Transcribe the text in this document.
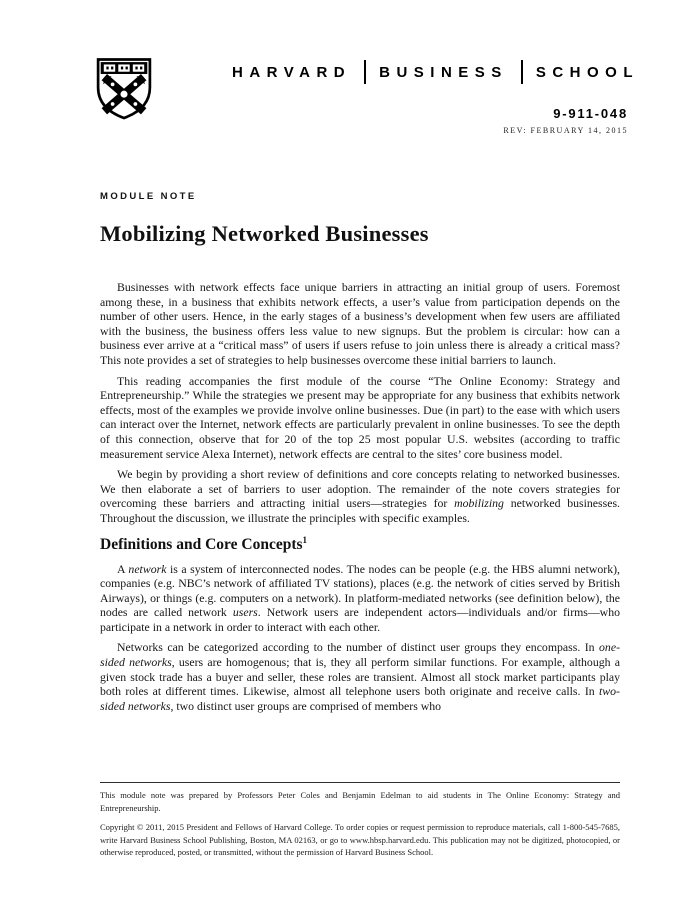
HARVARD BUSINESS SCHOOL
9-911-048
REV: FEBRUARY 14, 2015
MODULE NOTE
Mobilizing Networked Businesses

Businesses with network effects face unique barriers in attracting an initial group of users. Foremost among these, in a business that exhibits network effects, a user’s value from participation depends on the number of other users. Hence, in the early stages of a business’s development when few users are affiliated with the business, the business offers less value to new signups. But the problem is circular: how can a business ever arrive at a “critical mass” of users if users refuse to join unless there is already a critical mass? This note provides a set of strategies to help businesses overcome these initial barriers to launch.

This reading accompanies the first module of the course “The Online Economy: Strategy and Entrepreneurship.” While the strategies we present may be appropriate for any business that exhibits network effects, most of the examples we provide involve online businesses. Due (in part) to the ease with which users can interact over the Internet, network effects are particularly prevalent in online businesses. To see the depth of this connection, observe that for 20 of the top 25 most popular U.S. websites (according to traffic measurement service Alexa Internet), network effects are central to the sites’ core business model.

We begin by providing a short review of definitions and core concepts relating to networked businesses. We then elaborate a set of barriers to user adoption. The remainder of the note covers strategies for overcoming these barriers and attracting initial users—strategies for mobilizing networked businesses. Throughout the discussion, we illustrate the principles with specific examples.

Definitions and Core Concepts$^1$

A network is a system of interconnected nodes. The nodes can be people (e.g. the HBS alumni network), companies (e.g. NBC’s network of affiliated TV stations), places (e.g. the network of cities served by British Airways), or things (e.g. computers on a network). In platform-mediated networks (see definition below), the nodes are called network users. Network users are independent actors—individuals and/or firms—who participate in a network in order to interact with each other.

Networks can be categorized according to the number of distinct user groups they encompass. In one-sided networks, users are homogenous; that is, they all perform similar functions. For example, although a given stock trade has a buyer and seller, these roles are transient. Almost all stock market participants play both roles at different times. Likewise, almost all telephone users both originate and receive calls. In two-sided networks, two distinct user groups are comprised of members who

This module note was prepared by Professors Peter Coles and Benjamin Edelman to aid students in The Online Economy: Strategy and Entrepreneurship.

Copyright © 2011, 2015 President and Fellows of Harvard College. To order copies or request permission to reproduce materials, call 1-800-545-7685, write Harvard Business School Publishing, Boston, MA 02163, or go to www.hbsp.harvard.edu. This publication may not be digitized, photocopied, or otherwise reproduced, posted, or transmitted, without the permission of Harvard Business School.
